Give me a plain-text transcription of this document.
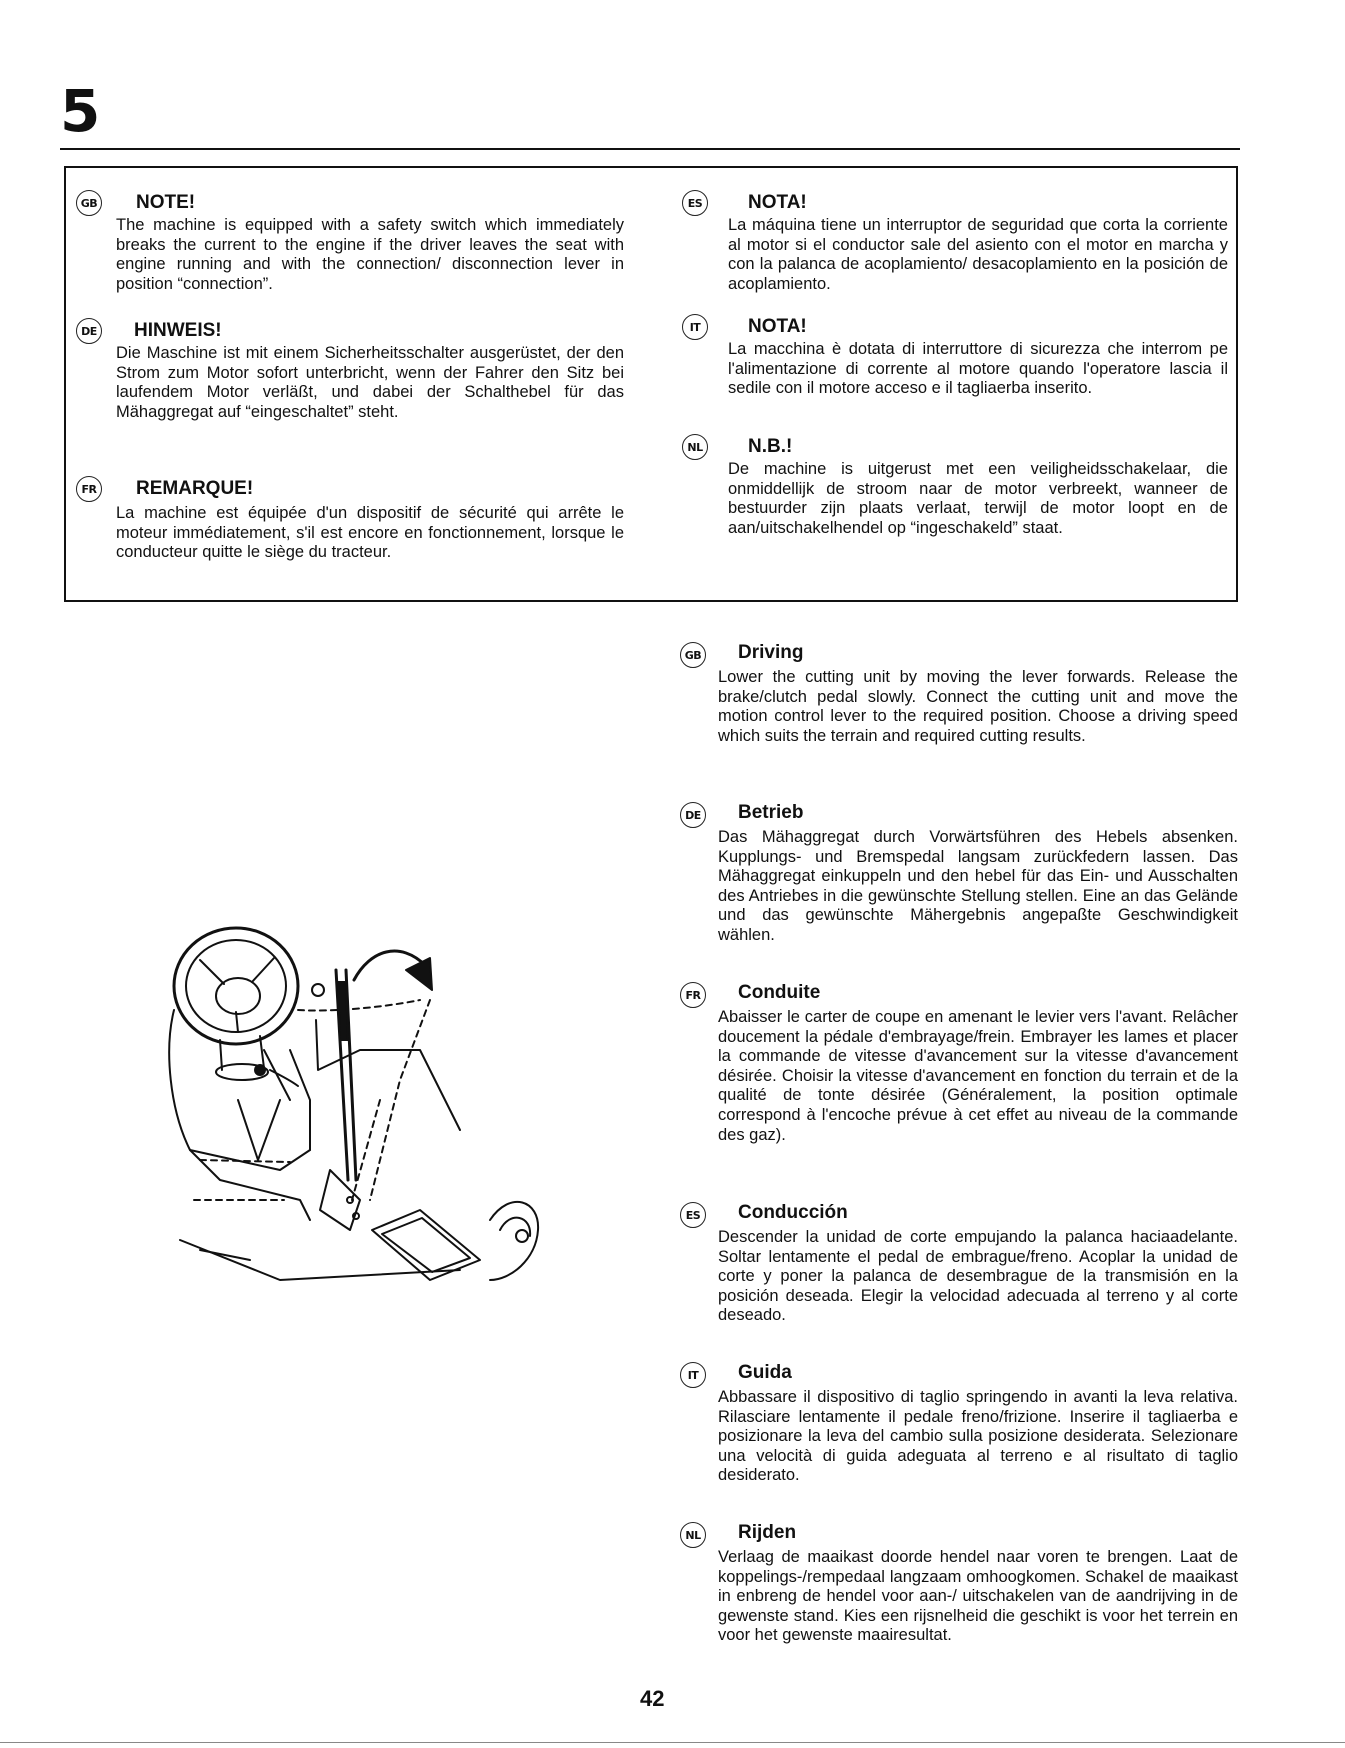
5
GB NOTE!
The machine is equipped with a safety switch which immediately breaks the current to the engine if the driver leaves the seat with engine running and with the connection/ disconnection lever in position “connection”.
DE HINWEIS!
Die Maschine ist mit einem Sicherheitsschalter ausgerüstet, der den Strom zum Motor sofort unterbricht, wenn der Fahrer den Sitz bei laufendem Motor verläßt, und dabei der Schalthebel für das Mähaggregat auf “eingeschaltet” steht.
FR REMARQUE!
La machine est équipée d'un dispositif de sécurité qui arrête le moteur immédiatement, s'il est encore en fonctionnement, lorsque le conducteur quitte le siège du tracteur.
ES	NOTA!
La máquina tiene un interruptor de seguridad que corta la corriente al motor si el conductor sale del asiento con el motor en marcha y con la palanca de acoplamiento/ desacoplamiento en la posición de acoplamiento.
IT	NOTA!
La macchina è dotata di interruttore di sicurezza che interrom pe l'alimentazione di corrente al motore quando l'operatore lascia il sedile con il motore acceso e il tagliaerba inserito.
NL N.B.!
De machine is uitgerust met een veiligheidsschakelaar, die onmiddellijk de stroom naar de motor verbreekt, wanneer de bestuurder zijn plaats verlaat, terwijl de motor loopt en de aan/uitschakelhendel op “ingeschakeld” staat.
GB Driving
Lower the cutting unit by moving the lever forwards. Release the brake/clutch pedal slowly. Connect the cutting unit and move the motion control lever to the required position. Choose a driving speed which suits the terrain and required cutting results.
DE Betrieb
Das Mähaggregat durch Vorwärtsführen des Hebels absenken. Kupplungs- und Bremspedal langsam zurückfedern lassen. Das Mähaggregat einkuppeln und den hebel für das Ein- und Ausschalten des Antriebes in die gewünschte Stellung stellen. Eine an das Gelände und das gewünschte Mähergebnis angepaßte Geschwindigkeit wählen.
FR Conduite
Abaisser le carter de coupe en amenant le levier vers l'avant. Relâcher doucement la pédale d'embrayage/frein. Embrayer les lames et placer la commande de vitesse d'avancement sur la vitesse d'avancement désirée. Choisir la vitesse d'avancement en fonction du terrain et de la qualité de tonte désirée (Généralement, la position optimale correspond à l'encoche prévue à cet effet au niveau de la commande des gaz).
ES	Conducción
Descender la unidad de corte empujando la palanca haciaadelante. Soltar lentamente el pedal de embrague/freno. Acoplar la unidad de corte y poner la palanca de desembrague de la transmisión en la posición deseada. Elegir la velocidad adecuada al terreno y al corte deseado.
IT	Guida
Abbassare il dispositivo di taglio springendo in avanti la leva relativa. Rilasciare lentamente il pedale freno/frizione. Inserire il tagliaerba e posizionare la leva del cambio sulla posizione desiderata. Selezionare una velocità di guida adeguata al terreno e al risultato di taglio desiderato.
NL Rijden
Verlaag de maaikast doorde hendel naar voren te brengen. Laat de koppelings-/rempedaal langzaam omhoogkomen. Schakel de maaikast in enbreng de hendel voor aan-/ uitschakelen van de aandrijving in de gewenste stand. Kies een rijsnelheid die geschikt is voor het terrein en voor het gewenste maairesultat.
42
